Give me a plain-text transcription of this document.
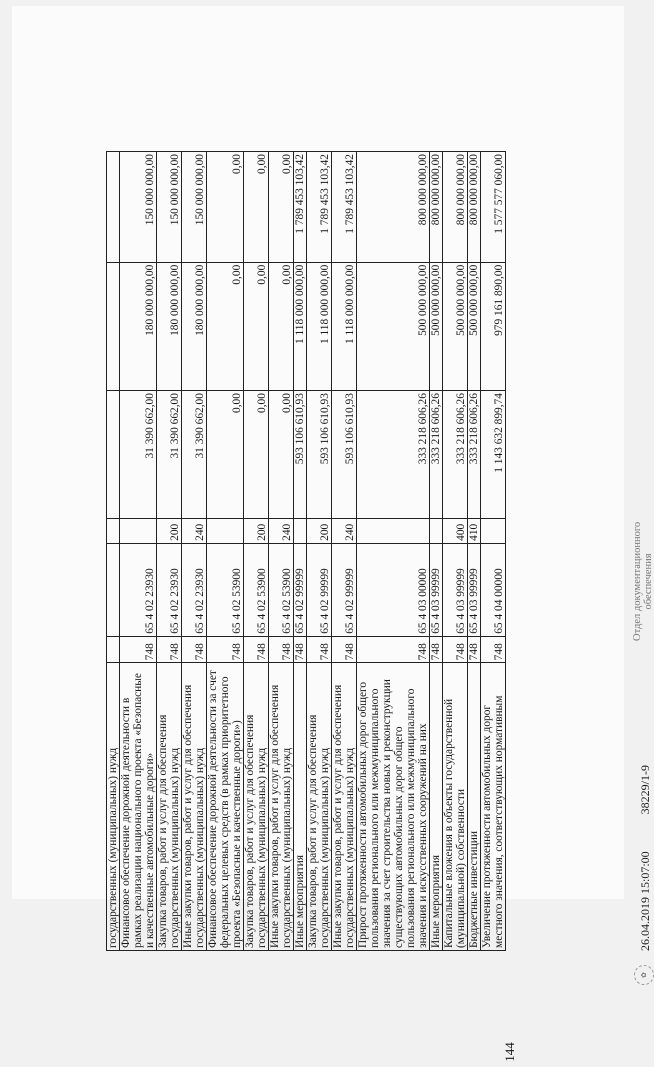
144
государственных (муниципальных) нужд						
Финансовое обеспечение дорожной деятельности в рамках реализации национального проекта «Безопасные и качественные автомобильные дороги»	748	65 4 02 23930		31 390 662,00	180 000 000,00	150 000 000,00
Закупка товаров, работ и услуг для обеспечения государственных (муниципальных) нужд	748	65 4 02 23930	200	31 390 662,00	180 000 000,00	150 000 000,00
Иные закупки товаров, работ и услуг для обеспечения государственных (муниципальных) нужд	748	65 4 02 23930	240	31 390 662,00	180 000 000,00	150 000 000,00
Финансовое обеспечение дорожной деятельности за счет федеральных целевых средств (в рамках приоритетного проекта «Безопасные и качественные дороги»)	748	65 4 02 53900		0,00	0,00	0,00
Закупка товаров, работ и услуг для обеспечения государственных (муниципальных) нужд	748	65 4 02 53900	200	0,00	0,00	0,00
Иные закупки товаров, работ и услуг для обеспечения государственных (муниципальных) нужд	748	65 4 02 53900	240	0,00	0,00	0,00
Иные мероприятия	748	65 4 02 99999		593 106 610,93	1 118 000 000,00	1 789 453 103,42
Закупка товаров, работ и услуг для обеспечения государственных (муниципальных) нужд	748	65 4 02 99999	200	593 106 610,93	1 118 000 000,00	1 789 453 103,42
Иные закупки товаров, работ и услуг для обеспечения государственных (муниципальных) нужд	748	65 4 02 99999	240	593 106 610,93	1 118 000 000,00	1 789 453 103,42
Прирост протяженности автомобильных дорог общего пользования регионального или межмуниципального значения за счет строительства новых и реконструкции существующих автомобильных дорог общего пользования регионального или межмуниципального значения и искусственных сооружений на них	748	65 4 03 00000		333 218 606,26	500 000 000,00	800 000 000,00
Иные мероприятия	748	65 4 03 99999		333 218 606,26	500 000 000,00	800 000 000,00
Капитальные вложения в объекты государственной (муниципальной) собственности	748	65 4 03 99999	400	333 218 606,26	500 000 000,00	800 000 000,00
Бюджетные инвестиции	748	65 4 03 99999	410	333 218 606,26	500 000 000,00	800 000 000,00
Увеличение протяженности автомобильных дорог местного значения, соответствующих нормативным	748	65 4 04 00000		1 143 632 899,74	979 161 890,00	1 577 577 060,00
26.04.2019 15:07:00 38229/1-9
✿
Отдел документационного обеспечения
